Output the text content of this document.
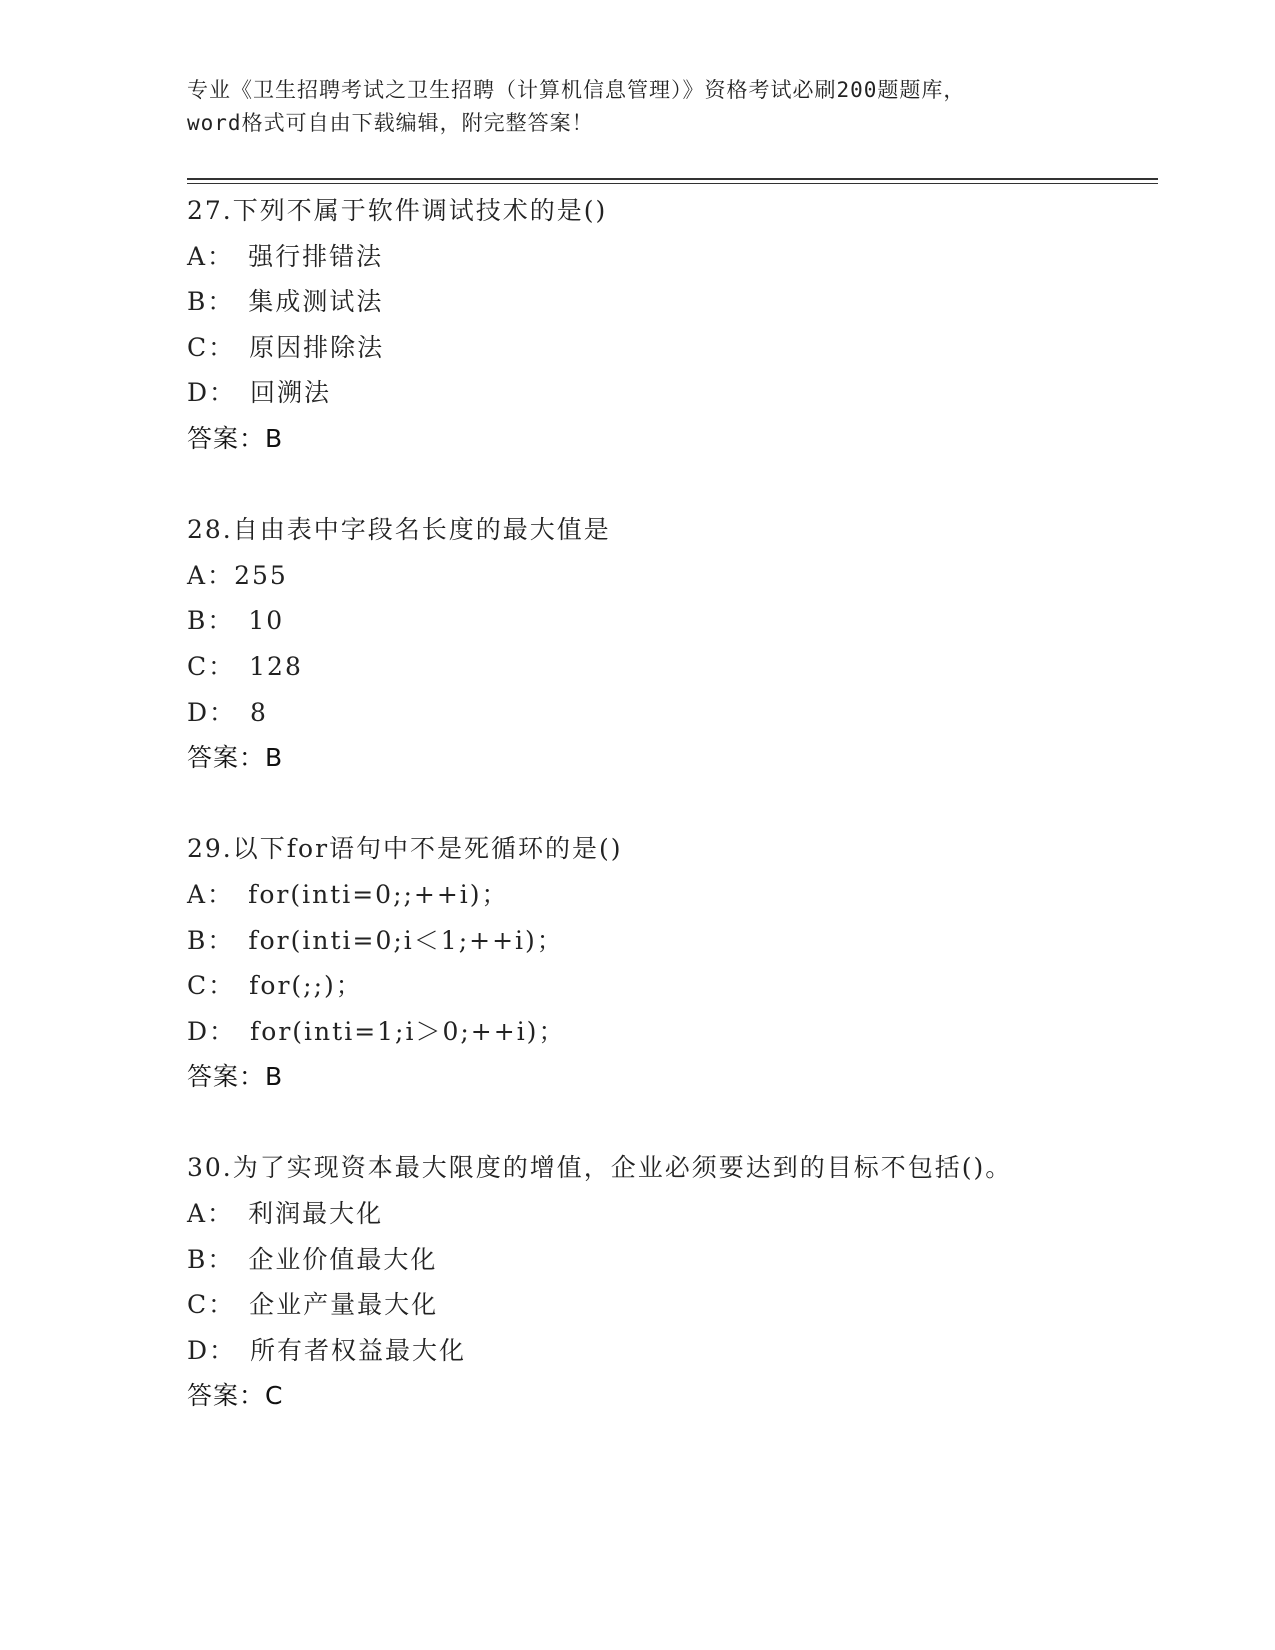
专业《卫生招聘考试之卫生招聘（计算机信息管理）》资格考试必刷200题题库，
word格式可自由下载编辑，附完整答案！
27.下列不属于软件调试技术的是()
A： 强行排错法
B： 集成测试法
C： 原因排除法
D： 回溯法
答案：B
28.自由表中字段名长度的最大值是
A：255
B： 10
C： 128
D： 8
答案：B
29.以下for语句中不是死循环的是()
A： for(inti=0;;++i)；
B： for(inti=0;i＜1;++i)；
C： for(;;)；
D： for(inti=1;i＞0;++i)；
答案：B
30.为了实现资本最大限度的增值，企业必须要达到的目标不包括()。
A： 利润最大化
B： 企业价值最大化
C： 企业产量最大化
D： 所有者权益最大化
答案：C
